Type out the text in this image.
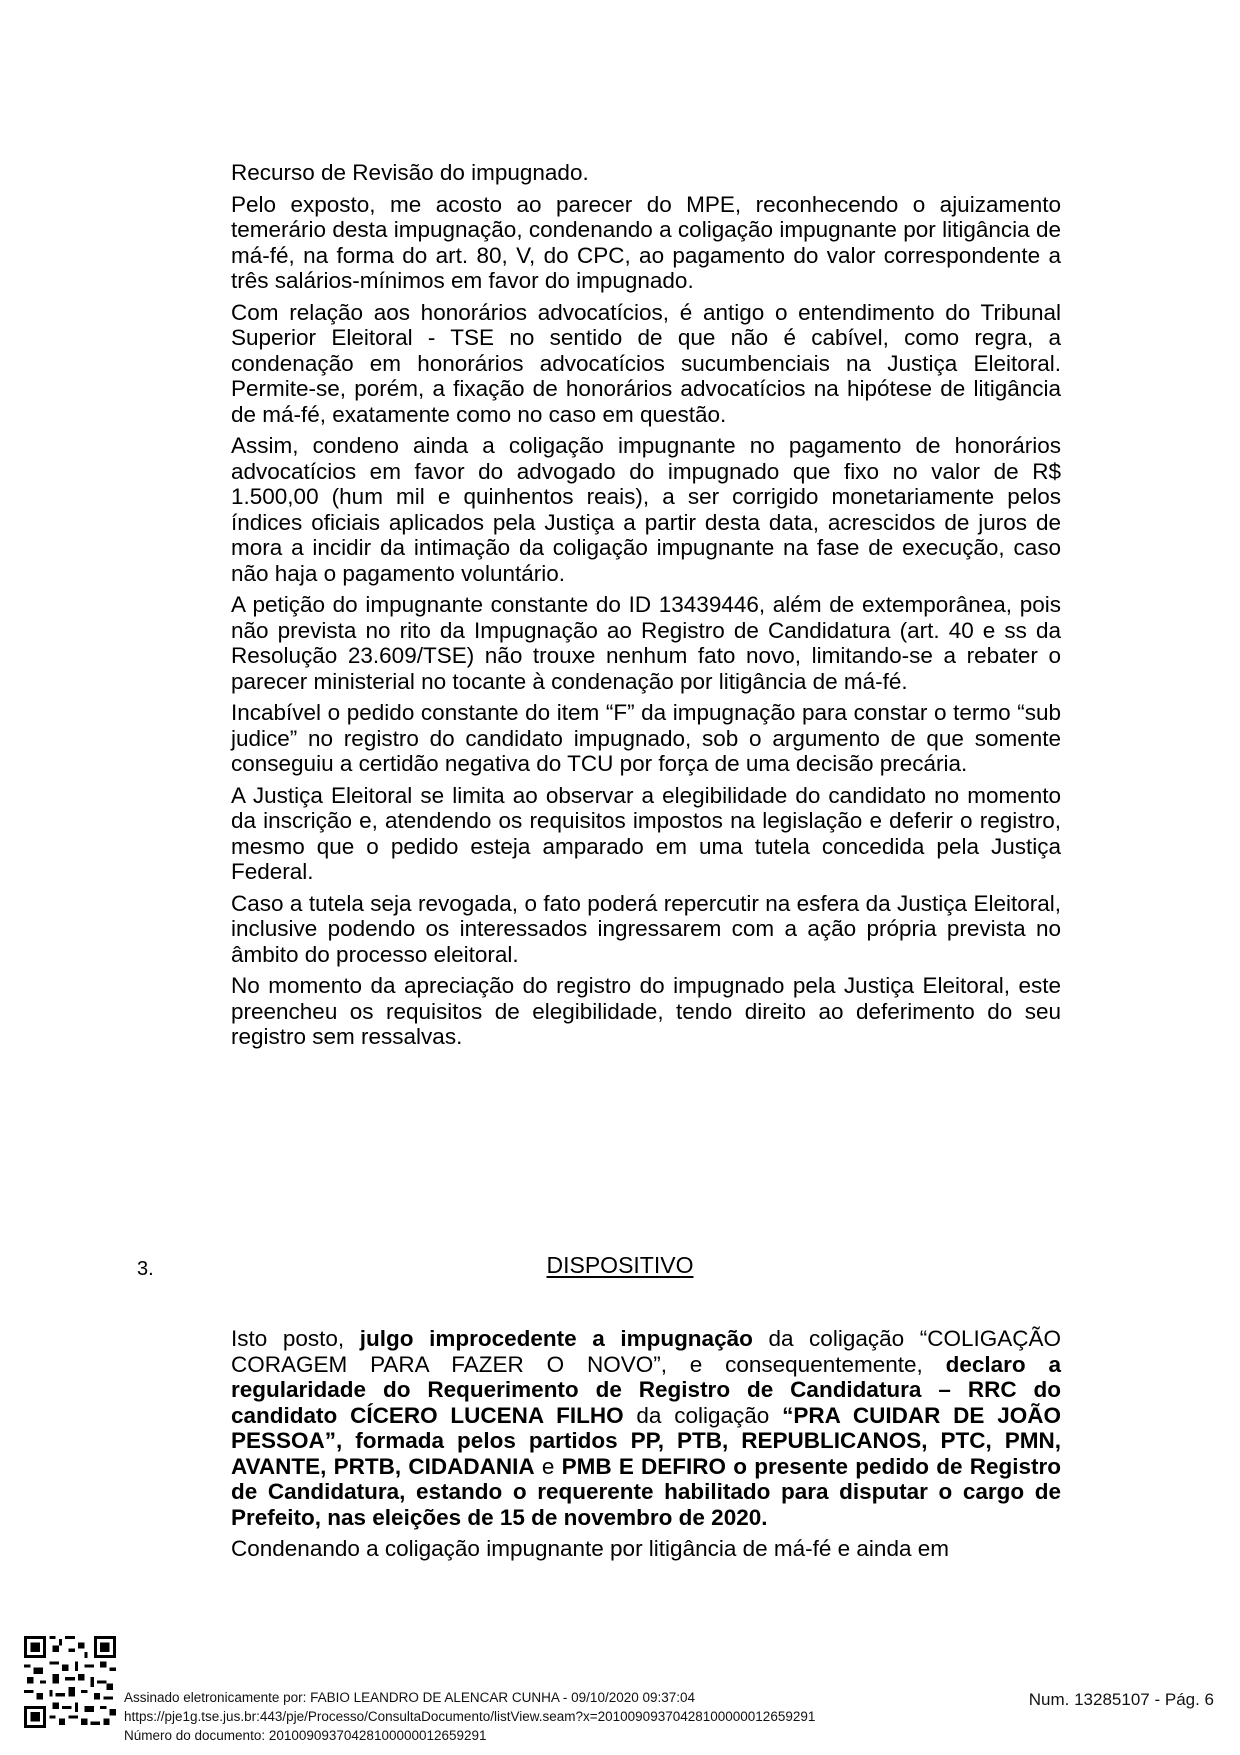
Recurso de Revisão do impugnado.

Pelo exposto, me acosto ao parecer do MPE, reconhecendo o ajuizamento temerário desta impugnação, condenando a coligação impugnante por litigância de má-fé, na forma do art. 80, V, do CPC, ao pagamento do valor correspondente a três salários-mínimos em favor do impugnado.

Com relação aos honorários advocatícios, é antigo o entendimento do Tribunal Superior Eleitoral - TSE no sentido de que não é cabível, como regra, a condenação em honorários advocatícios sucumbenciais na Justiça Eleitoral. Permite-se, porém, a fixação de honorários advocatícios na hipótese de litigância de má-fé, exatamente como no caso em questão.

Assim, condeno ainda a coligação impugnante no pagamento de honorários advocatícios em favor do advogado do impugnado que fixo no valor de R$ 1.500,00 (hum mil e quinhentos reais), a ser corrigido monetariamente pelos índices oficiais aplicados pela Justiça a partir desta data, acrescidos de juros de mora a incidir da intimação da coligação impugnante na fase de execução, caso não haja o pagamento voluntário.

A petição do impugnante constante do ID 13439446, além de extemporânea, pois não prevista no rito da Impugnação ao Registro de Candidatura (art. 40 e ss da Resolução 23.609/TSE) não trouxe nenhum fato novo, limitando-se a rebater o parecer ministerial no tocante à condenação por litigância de má-fé.

Incabível o pedido constante do item “F” da impugnação para constar o termo “sub judice” no registro do candidato impugnado, sob o argumento de que somente conseguiu a certidão negativa do TCU por força de uma decisão precária.

A Justiça Eleitoral se limita ao observar a elegibilidade do candidato no momento da inscrição e, atendendo os requisitos impostos na legislação e deferir o registro, mesmo que o pedido esteja amparado em uma tutela concedida pela Justiça Federal.

Caso a tutela seja revogada, o fato poderá repercutir na esfera da Justiça Eleitoral, inclusive podendo os interessados ingressarem com a ação própria prevista no âmbito do processo eleitoral.

No momento da apreciação do registro do impugnado pela Justiça Eleitoral, este preencheu os requisitos de elegibilidade, tendo direito ao deferimento do seu registro sem ressalvas.

3.	DISPOSITIVO

Isto posto, julgo improcedente a impugnação da coligação “COLIGAÇÃO CORAGEM PARA FAZER O NOVO”, e consequentemente, declaro a regularidade do Requerimento de Registro de Candidatura – RRC do candidato CÍCERO LUCENA FILHO da coligação “PRA CUIDAR DE JOÃO PESSOA”, formada pelos partidos PP, PTB, REPUBLICANOS, PTC, PMN, AVANTE, PRTB, CIDADANIA e PMB E DEFIRO o presente pedido de Registro de Candidatura, estando o requerente habilitado para disputar o cargo de Prefeito, nas eleições de 15 de novembro de 2020.

Condenando a coligação impugnante por litigância de má-fé e ainda em

Assinado eletronicamente por: FABIO LEANDRO DE ALENCAR CUNHA - 09/10/2020 09:37:04
https://pje1g.tse.jus.br:443/pje/Processo/ConsultaDocumento/listView.seam?x=20100909370428100000012659291
Número do documento: 20100909370428100000012659291
Num. 13285107 - Pág. 6
